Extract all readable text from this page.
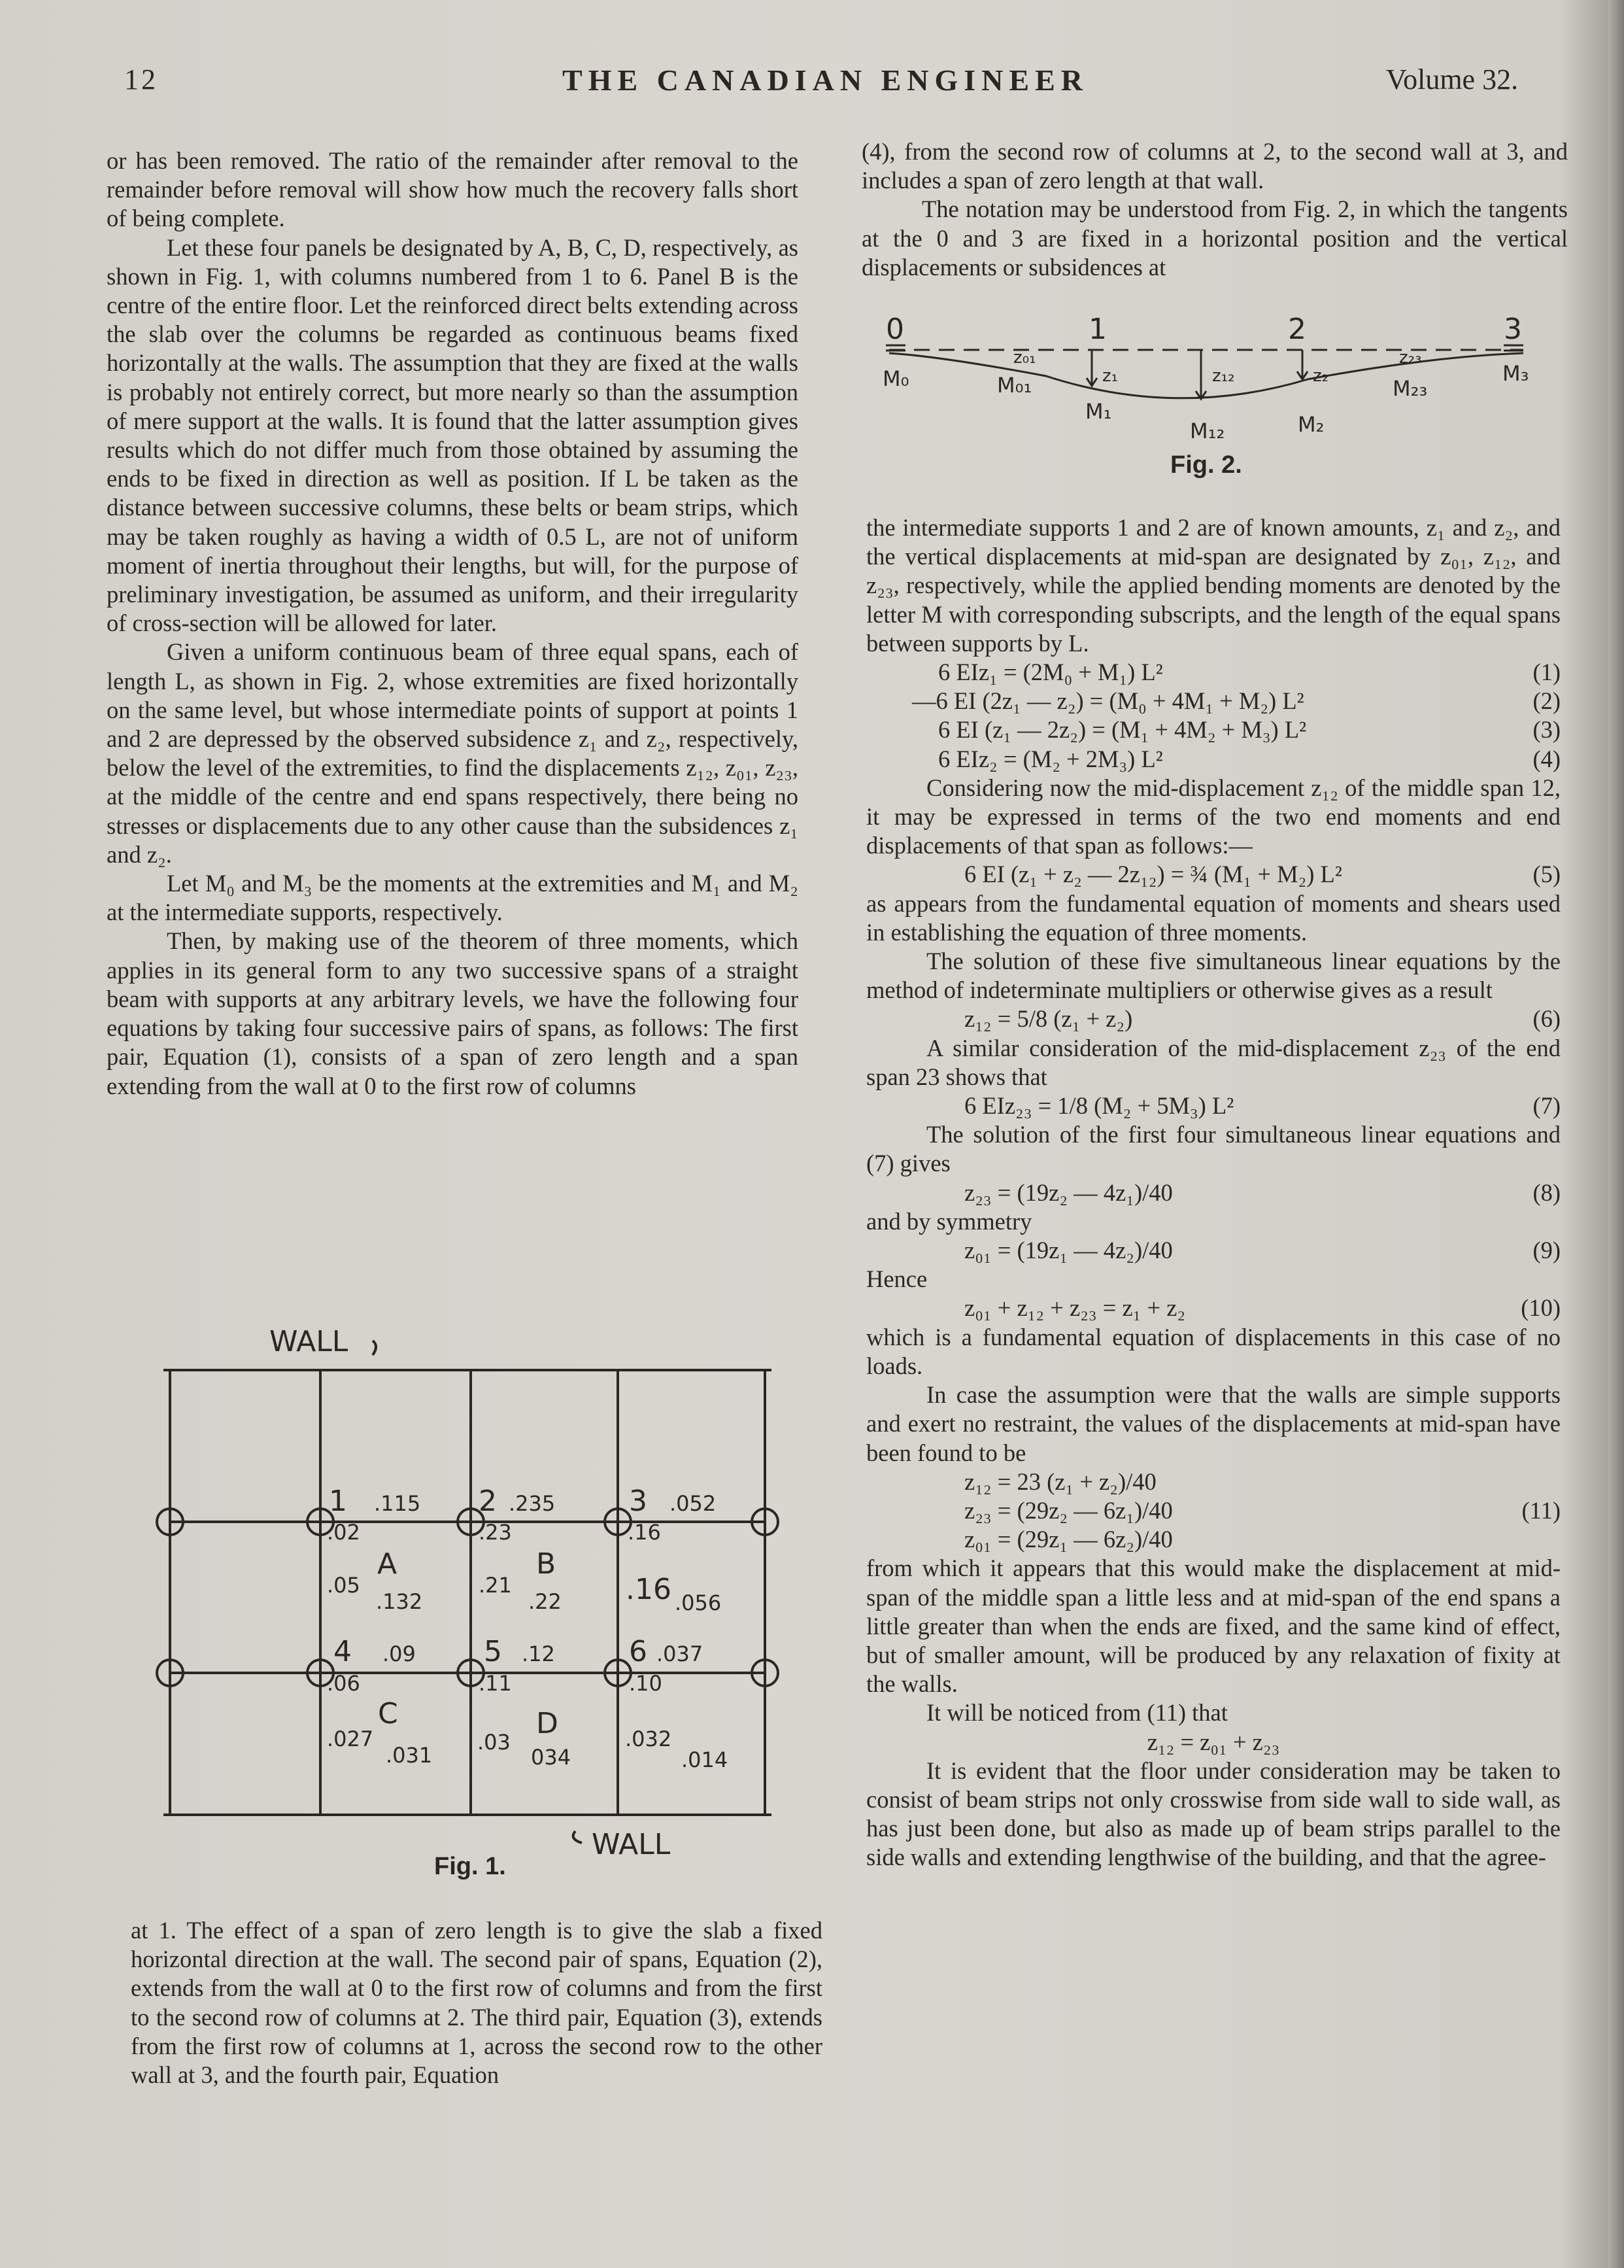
12	THE CANADIAN ENGINEER	Volume 32.

or has been removed. The ratio of the remainder after removal to the remainder before removal will show how much the recovery falls short of being complete.

Let these four panels be designated by A, B, C, D, respectively, as shown in Fig. 1, with columns numbered from 1 to 6. Panel B is the centre of the entire floor. Let the reinforced direct belts extending across the slab over the columns be regarded as continuous beams fixed horizontally at the walls. The assumption that they are fixed at the walls is probably not entirely correct, but more nearly so than the assumption of mere support at the walls. It is found that the latter assumption gives results which do not differ much from those obtained by assuming the ends to be fixed in direction as well as position. If L be taken as the distance between successive columns, these belts or beam strips, which may be taken roughly as having a width of 0.5 L, are not of uniform moment of inertia throughout their lengths, but will, for the purpose of preliminary investigation, be assumed as uniform, and their irregularity of cross-section will be allowed for later.

Given a uniform continuous beam of three equal spans, each of length L, as shown in Fig. 2, whose extremities are fixed horizontally on the same level, but whose intermediate points of support at points 1 and 2 are depressed by the observed subsidence z₁ and z₂, respectively, below the level of the extremities, to find the displacements z₁₂, z₀₁, z₂₃, at the middle of the centre and end spans respectively, there being no stresses or displacements due to any other cause than the subsidences z₁ and z₂.

Let M₀ and M₃ be the moments at the extremities and M₁ and M₂ at the intermediate supports, respectively.

Then, by making use of the theorem of three moments, which applies in its general form to any two successive spans of a straight beam with supports at any arbitrary levels, we have the following four equations by taking four successive pairs of spans, as follows: The first pair, Equation (1), consists of a span of zero length and a span extending from the wall at 0 to the first row of columns

WALL
WALL
1 .115
.02
2 .235
.23
3 .052
.16
4 .09
.06
5 .12
.11
6 .037
.10
A
.05
.132
B
.21
.22 .16 .056
C
.027
.031
D
.03
034
.032
.014
Fig. 1.

at 1. The effect of a span of zero length is to give the slab a fixed horizontal direction at the wall. The second pair of spans, Equation (2), extends from the wall at 0 to the first row of columns and from the first to the second row of columns at 2. The third pair, Equation (3), extends from the first row of columns at 1, across the second row to the other wall at 3, and the fourth pair, Equation

(4), from the second row of columns at 2, to the second wall at 3, and includes a span of zero length at that wall.

The notation may be understood from Fig. 2, in which the tangents at the 0 and 3 are fixed in a horizontal position and the vertical displacements or subsidences at

0	1	2	3
M₀	M₀₁
M₁
M₁₂	M₂
M₂₃
M₃
z₀₁
z₁	z₁₂	z₂
z₂₃
Fig. 2.

the intermediate supports 1 and 2 are of known amounts, z₁ and z₂, and the vertical displacements at mid-span are designated by z₀₁, z₁₂, and z₂₃, respectively, while the applied bending moments are denoted by the letter M with corresponding subscripts, and the length of the equal spans between supports by L.

6 EIz₁ = (2M₀ + M₁) L²	(1)

—6 EI (2z₁ — z₂) = (M₀ + 4M₁ + M₂) L²	(2)

6 EI (z₁ — 2z₂) = (M₁ + 4M₂ + M₃) L²	(3)

6 EIz₂ = (M₂ + 2M₃) L²	(4)

Considering now the mid-displacement z₁₂ of the middle span 12, it may be expressed in terms of the two end moments and end displacements of that span as follows:—

6 EI (z₁ + z₂ — 2z₁₂) = ¾ (M₁ + M₂) L²	(5)

as appears from the fundamental equation of moments and shears used in establishing the equation of three moments.

The solution of these five simultaneous linear equations by the method of indeterminate multipliers or otherwise gives as a result

z₁₂ = 5/8 (z₁ + z₂)	(6)

A similar consideration of the mid-displacement z₂₃ of the end span 23 shows that

6 EIz₂₃ = 1/8 (M₂ + 5M₃) L²	(7)

The solution of the first four simultaneous linear equations and (7) gives

z₂₃ = (19z₂ — 4z₁)/40	(8)

and by symmetry

z₀₁ = (19z₁ — 4z₂)/40	(9)

Hence

z₀₁ + z₁₂ + z₂₃ = z₁ + z₂	(10)

which is a fundamental equation of displacements in this case of no loads.

In case the assumption were that the walls are simple supports and exert no restraint, the values of the displacements at mid-span have been found to be

z₁₂ = 23 (z₁ + z₂)/40
z₂₃ = (29z₂ — 6z₁)/40
z₀₁ = (29z₁ — 6z₂)/40
(11)

from which it appears that this would make the displacement at mid-span of the middle span a little less and at mid-span of the end spans a little greater than when the ends are fixed, and the same kind of effect, but of smaller amount, will be produced by any relaxation of fixity at the walls.

It will be noticed from (11) that

z₁₂ = z₀₁ + z₂₃

It is evident that the floor under consideration may be taken to consist of beam strips not only crosswise from side wall to side wall, as has just been done, but also as made up of beam strips parallel to the side walls and extending lengthwise of the building, and that the agree-
